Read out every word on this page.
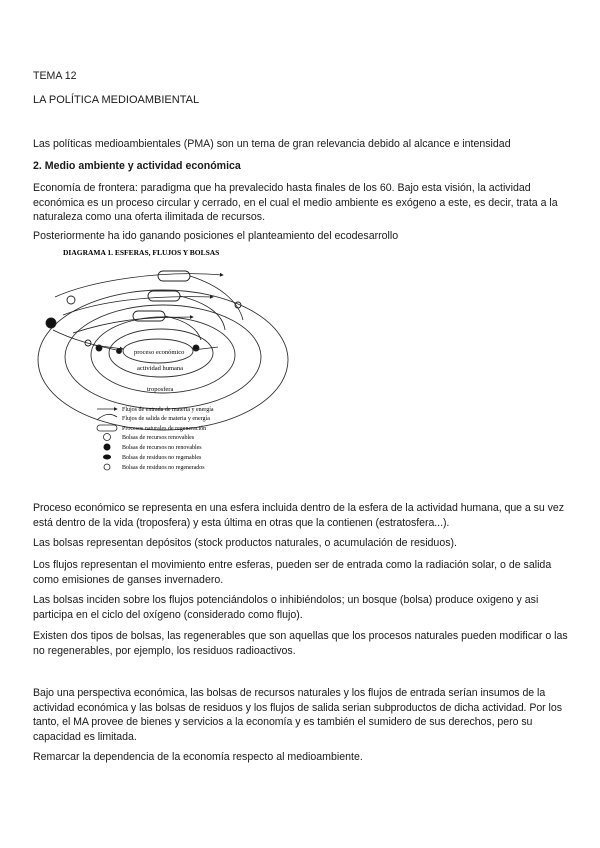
TEMA 12

LA POLÍTICA MEDIOAMBIENTAL

Las políticas medioambientales (PMA) son un tema de gran relevancia debido al alcance e intensidad

2. Medio ambiente y actividad económica

Economía de frontera: paradigma que ha prevalecido hasta finales de los 60. Bajo esta visión, la actividad económica es un proceso circular y cerrado, en el cual el medio ambiente es exógeno a este, es decir, trata a la naturaleza como una oferta ilimitada de recursos.

Posteriormente ha ido ganando posiciones el planteamiento del ecodesarrollo

DIAGRAMA 1. ESFERAS, FLUJOS Y BOLSAS
proceso económico
actividad humana
troposfera
Flujos de entrada de materia y energía
Flujos de salida de materia y energía
Procesos naturales de regeneración
Bolsas de recursos renovables
Bolsas de recursos no renovables
Bolsas de residuos no regenables
Bolsas de residuos no regenerados

Proceso económico se representa en una esfera incluida dentro de la esfera de la actividad humana, que a su vez está dentro de la vida (troposfera) y esta última en otras que la contienen (estratosfera...).

Las bolsas representan depósitos (stock productos naturales, o acumulación de residuos).

Los flujos representan el movimiento entre esferas, pueden ser de entrada como la radiación solar, o de salida como emisiones de ganses invernadero.

Las bolsas inciden sobre los flujos potenciándolos o inhibiéndolos; un bosque (bolsa) produce oxigeno y asi participa en el ciclo del oxígeno (considerado como flujo).

Existen dos tipos de bolsas, las regenerables que son aquellas que los procesos naturales pueden modificar o las no regenerables, por ejemplo, los residuos radioactivos.

Bajo una perspectiva económica, las bolsas de recursos naturales y los flujos de entrada serían insumos de la actividad económica y las bolsas de residuos y los flujos de salida serian subproductos de dicha actividad. Por los tanto, el MA provee de bienes y servicios a la economía y es también el sumidero de sus derechos, pero su capacidad es limitada.

Remarcar la dependencia de la economía respecto al medioambiente.
